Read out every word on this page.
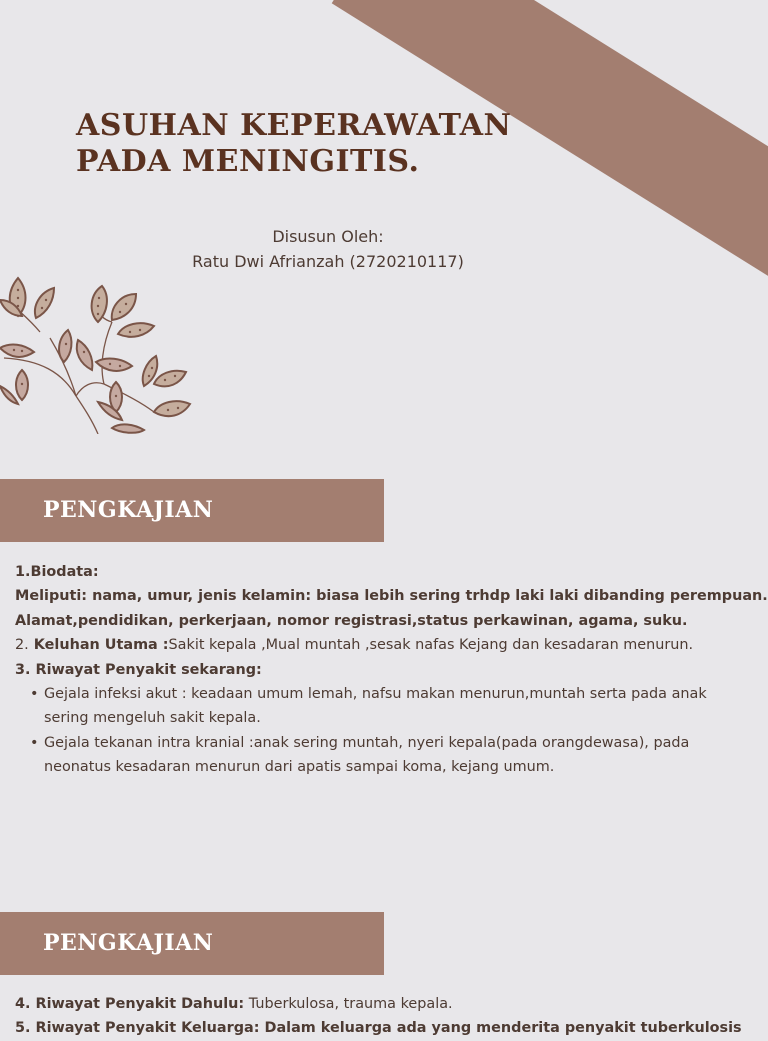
ASUHAN KEPERAWATAN
PADA MENINGITIS.
Disusun Oleh:
Ratu Dwi Afrianzah (2720210117)
PENGKAJIAN

1.Biodata:

Meliputi: nama, umur, jenis kelamin: biasa lebih sering trhdp laki laki dibanding perempuan.

Alamat,pendidikan, perkerjaan, nomor registrasi,status perkawinan, agama, suku.

2. Keluhan Utama :Sakit kepala ,Mual muntah ,sesak nafas Kejang dan kesadaran menurun.

3. Riwayat Penyakit sekarang:

• Gejala infeksi akut : keadaan umum lemah, nafsu makan menurun,muntah serta pada anak
sering mengeluh sakit kepala.
• Gejala tekanan intra kranial :anak sering muntah, nyeri kepala(pada orangdewasa), pada
neonatus kesadaran menurun dari apatis sampai koma, kejang umum.
PENGKAJIAN

4. Riwayat Penyakit Dahulu: Tuberkulosa, trauma kepala.

5. Riwayat Penyakit Keluarga: Dalam keluarga ada yang menderita penyakit tuberkulosis
